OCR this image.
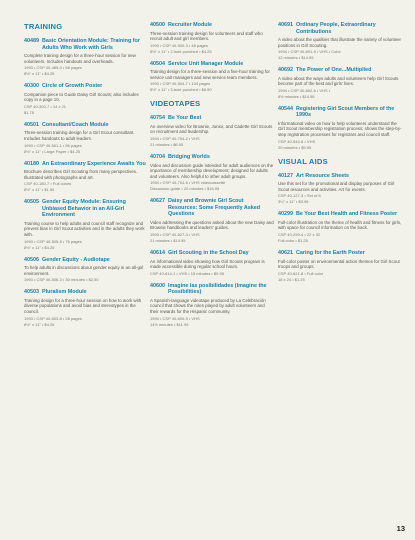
TRAINING
40489 Basic Orientation Module: Training for Adults Who Work with Girls
Complete training design for a three-hour session for new volunteers. Includes handouts and overheads.
1993 • CSP 40-489-0 • 56 pages
8½" x 11" • $4.25
40300 Circle of Growth Poster
Companion piece to Guide Daisy Girl Scouts; also includes copy in a page 10.
CSP 40-300-7 • 14 x 21
$1.75
40501 Consultant/Coach Module
Three-session training design for a Girl Scout consultant. Includes handouts to adult leaders.
1993 • CSP 40-501-1 • 56 pages
8½" x 11" • Large Paper • $4.25
40180 An Extraordinary Experience Awaits You
Brochure describes Girl Scouting from many perspectives. Illustrated with photographs and art.
CSP 40-180-7 • Full colors
8½" x 11" • $1.50
40505 Gender Equity Module: Ensuring Unbiased Behavior in an All-Girl Environment
Training course to help adults and council staff recognize and prevent bias in Girl Scout activities and in the adults they work with.
1993 • CSP 40-505-5 • 76 pages
8½" x 11" • $4.25
40506 Gender Equity - Audiotape
To help adults in discussions about gender equity in an all-girl environment.
1993 • CSP 40-506-3 • 30 minutes • $2.50
40503 Pluralism Module
Training design for a three-hour session on how to work with diverse populations and avoid bias and stereotypes in the council.
1993 • CSP 40-503-8 • 28 pages
8½" x 11" • $4.25
40500 Recruiter Module
Three-session training design for volunteers and staff who recruit adult and girl members.
1993 • CSP 40-500-3 • 48 pages
8½" x 11" • 2-hole punched • $4.25
40504 Service Unit Manager Module
Training design for a three-session and a five-hour training for service unit managers and new service team members.
1993 • CSP 40-504-7 • 104 pages
8½" x 11" • 3-hole punched • $6.50
VIDEOTAPES
40754 Be Your Best
An overview video for Brownie, Junior, and Cadette Girl Scouts on recruitment and leadership.
1994 • CSP 40-754-2 • VHS
21 minutes • $6.95
40704 Bridging Worlds
Video and discussion guide intended for adult audiences on the importance of membership development; designed for adults and volunteers. Also helpful to other adult groups.
1994 • CSP 40-704-6 • VHS videocassette
Discussion guide • 20 minutes • $16.95
40627 Daisy and Brownie Girl Scout Resources: Some Frequently Asked Questions
Video addressing the questions asked about the new Daisy and Brownie handbooks and leaders' guides.
1993 • CSP 40-627-3 • VHS
21 minutes • $14.95
40614 Girl Scouting in the School Day
An informational video showing how Girl Scouts program is made accessible during regular school hours.
CSP 40-614-1 • VHS • 15 minutes • $9.95
40600 Imagine las posibilidades (Imagine the Possibilities)
A Spanish-language videotape produced by La Celebración council that shows the roles played by adult volunteers and their rewards for the Hispanic community.
1994 • CSP 40-600-9 • VHS
14½ minutes • $11.95
40691 Ordinary People, Extraordinary Contributions
A video about the qualities that illustrate the variety of volunteer positions in Girl Scouting.
1994 • CSP 40-691-9 • VHS • Color
12 minutes • $14.95
40692 The Power of One...Multiplied
A video about the ways adults and volunteers help Girl Scouts become part of the best and girls' lives.
1994 • CSP 40-692-6 • VHS •
8½ minutes • $14.95
40544 Registering Girl Scout Members of the 1990s
Informational video on how to help volunteers understand the Girl Scout membership registration process; shows the step-by-step registration processes for registrars and council staff.
CSP 40-544-8 • VHS
20 minutes • $9.95
VISUAL AIDS
40127 Art Resource Sheets
Use this set for the promotional and display purposes of Girl Scout resources and activities. Art for events.
CSP 40-127-3 • Set of 6
3¼" x 11" • $3.95
40299 Be Your Best Health and Fitness Poster
Full-color illustration on the theme of health and fitness for girls, with space for council information on the back.
CSP 40-299-4 • 22 x 32
Full color • $1.25
40621 Caring for the Earth Poster
Full-color poster on environmental action themes for Girl Scout troops and groups.
CSP 40-621-8 • Full color
18 x 24 • $1.25
13
